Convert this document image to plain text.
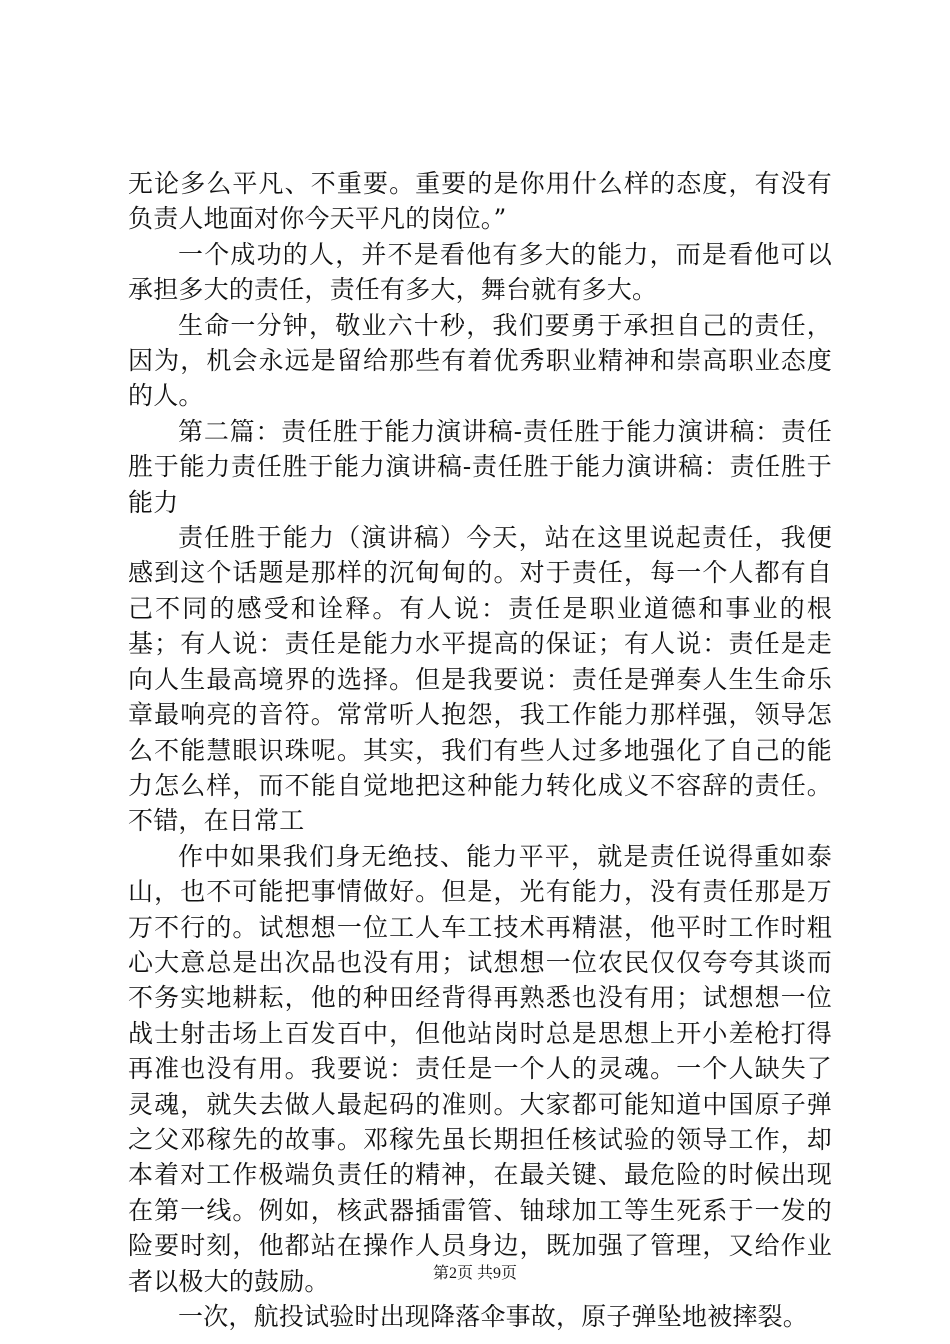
无论多么平凡、不重要。重要的是你用什么样的态度，有没有负责人地面对你今天平凡的岗位。”

一个成功的人，并不是看他有多大的能力，而是看他可以承担多大的责任，责任有多大，舞台就有多大。

生命一分钟，敬业六十秒，我们要勇于承担自己的责任，因为，机会永远是留给那些有着优秀职业精神和崇高职业态度的人。

第二篇：责任胜于能力演讲稿-责任胜于能力演讲稿：责任胜于能力责任胜于能力演讲稿-责任胜于能力演讲稿：责任胜于能力

责任胜于能力（演讲稿）今天，站在这里说起责任，我便感到这个话题是那样的沉甸甸的。对于责任，每一个人都有自己不同的感受和诠释。有人说：责任是职业道德和事业的根基；有人说：责任是能力水平提高的保证；有人说：责任是走向人生最高境界的选择。但是我要说：责任是弹奏人生生命乐章最响亮的音符。常常听人抱怨，我工作能力那样强，领导怎么不能慧眼识珠呢。其实，我们有些人过多地强化了自己的能力怎么样，而不能自觉地把这种能力转化成义不容辞的责任。不错，在日常工

作中如果我们身无绝技、能力平平，就是责任说得重如泰山，也不可能把事情做好。但是，光有能力，没有责任那是万万不行的。试想想一位工人车工技术再精湛，他平时工作时粗心大意总是出次品也没有用；试想想一位农民仅仅夸夸其谈而不务实地耕耘，他的种田经背得再熟悉也没有用；试想想一位战士射击场上百发百中，但他站岗时总是思想上开小差枪打得再准也没有用。我要说：责任是一个人的灵魂。一个人缺失了灵魂，就失去做人最起码的准则。大家都可能知道中国原子弹之父邓稼先的故事。邓稼先虽长期担任核试验的领导工作，却本着对工作极端负责任的精神，在最关键、最危险的时候出现在第一线。例如，核武器插雷管、铀球加工等生死系于一发的险要时刻，他都站在操作人员身边，既加强了管理，又给作业者以极大的鼓励。

一次，航投试验时出现降落伞事故，原子弹坠地被摔裂。

第2页 共9页
